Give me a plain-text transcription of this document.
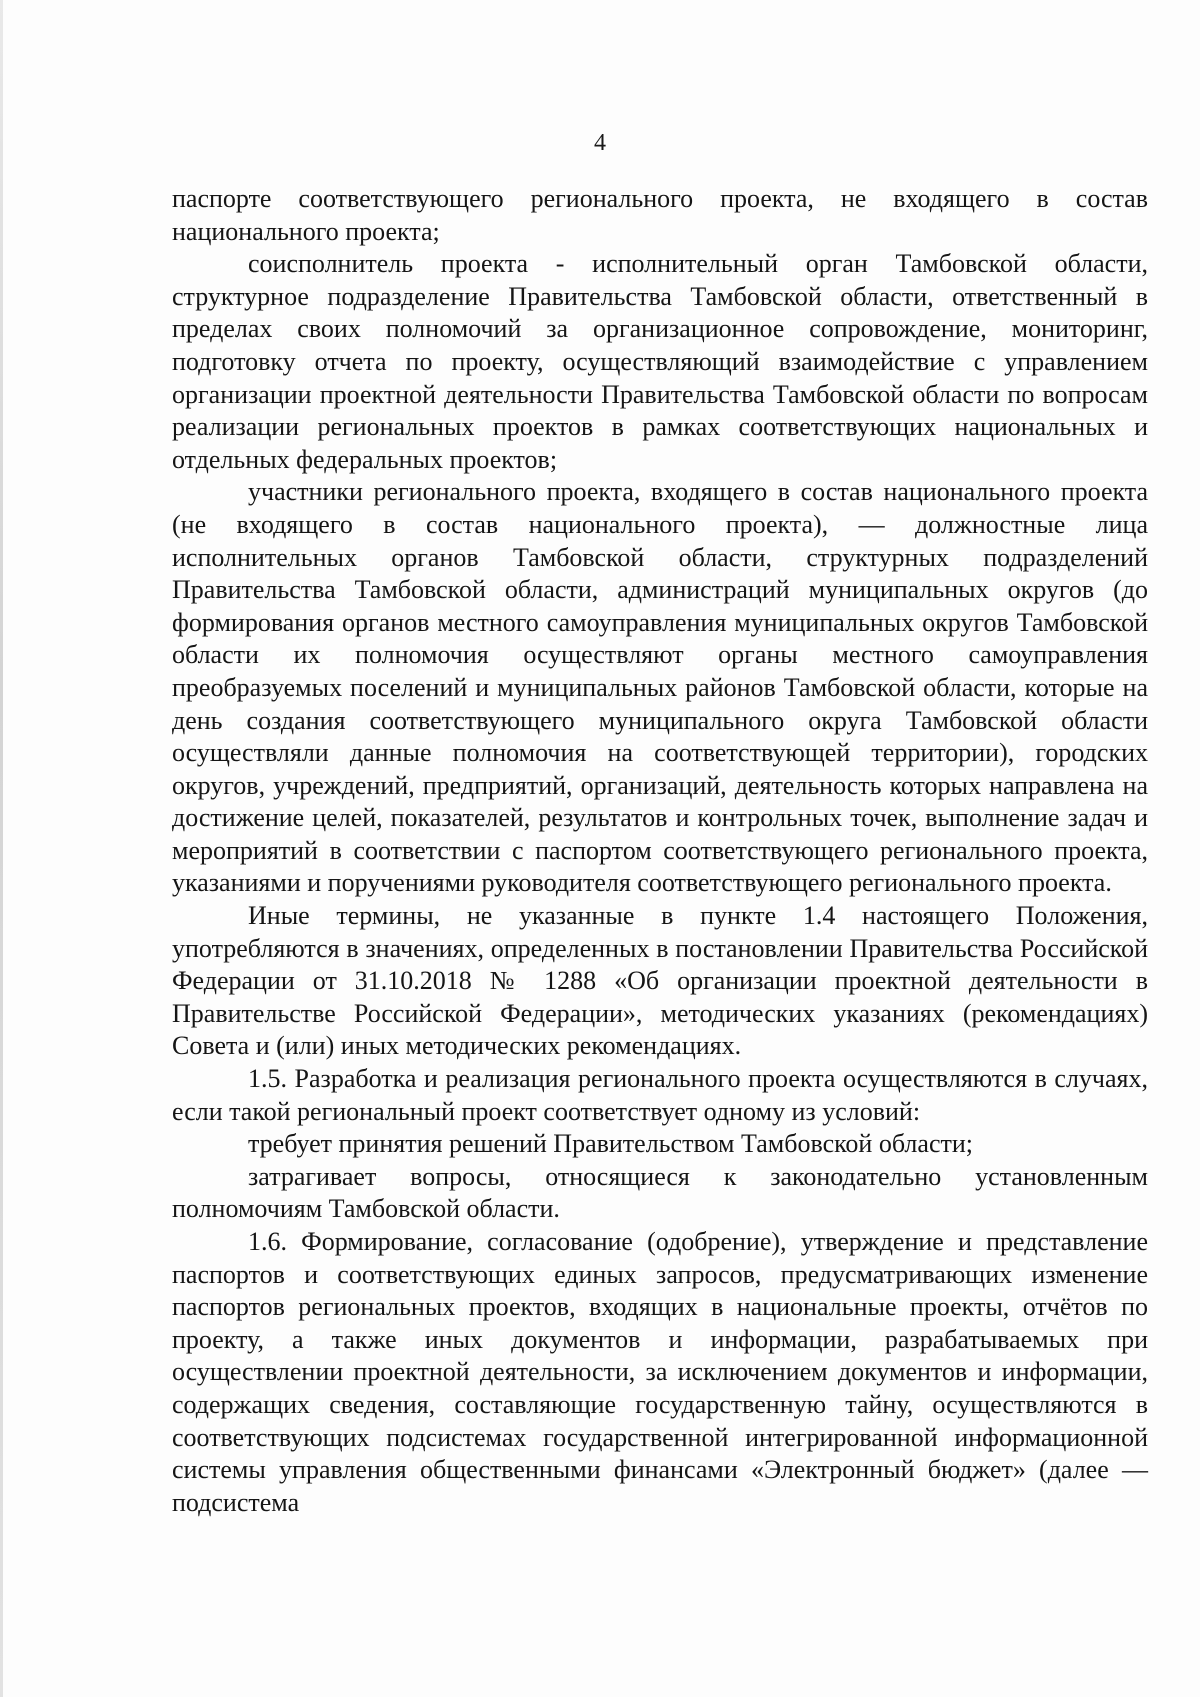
4

паспорте соответствующего регионального проекта, не входящего в состав национального проекта;

соисполнитель проекта - исполнительный орган Тамбовской области, структурное подразделение Правительства Тамбовской области, ответственный в пределах своих полномочий за организационное сопровождение, мониторинг, подготовку отчета по проекту, осуществляющий взаимодействие с управлением организации проектной деятельности Правительства Тамбовской области по вопросам реализации региональных проектов в рамках соответствующих национальных и отдельных федеральных проектов;

участники регионального проекта, входящего в состав национального проекта (не входящего в состав национального проекта), — должностные лица исполнительных органов Тамбовской области, структурных подразделений Правительства Тамбовской области, администраций муниципальных округов (до формирования органов местного самоуправления муниципальных округов Тамбовской области их полномочия осуществляют органы местного самоуправления преобразуемых поселений и муниципальных районов Тамбовской области, которые на день создания соответствующего муниципального округа Тамбовской области осуществляли данные полномочия на соответствующей территории), городских округов, учреждений, предприятий, организаций, деятельность которых направлена на достижение целей, показателей, результатов и контрольных точек, выполнение задач и мероприятий в соответствии с паспортом соответствующего регионального проекта, указаниями и поручениями руководителя соответствующего регионального проекта.

Иные термины, не указанные в пункте 1.4 настоящего Положения, употребляются в значениях, определенных в постановлении Правительства Российской Федерации от 31.10.2018 № 1288 «Об организации проектной деятельности в Правительстве Российской Федерации», методических указаниях (рекомендациях) Совета и (или) иных методических рекомендациях.

1.5. Разработка и реализация регионального проекта осуществляются в случаях, если такой региональный проект соответствует одному из условий:

требует принятия решений Правительством Тамбовской области;

затрагивает вопросы, относящиеся к законодательно установленным полномочиям Тамбовской области.

1.6. Формирование, согласование (одобрение), утверждение и представление паспортов и соответствующих единых запросов, предусматривающих изменение паспортов региональных проектов, входящих в национальные проекты, отчётов по проекту, а также иных документов и информации, разрабатываемых при осуществлении проектной деятельности, за исключением документов и информации, содержащих сведения, составляющие государственную тайну, осуществляются в соответствующих подсистемах государственной интегрированной информационной системы управления общественными финансами «Электронный бюджет» (далее — подсистема
